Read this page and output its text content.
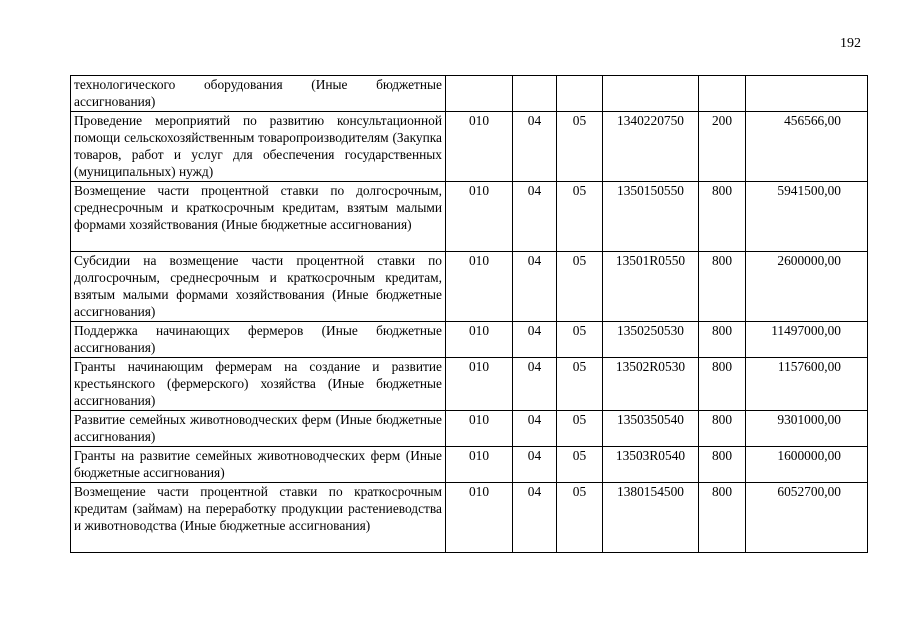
192
технологического оборудования (Иные бюджетные ассигнования)						
Проведение мероприятий по развитию консультационной помощи сельскохозяйственным товаропроизводителям (Закупка товаров, работ и услуг для обеспечения государственных (муниципальных) нужд)	010	04	05	1340220750	200	456566,00
Возмещение части процентной ставки по долгосрочным, среднесрочным и краткосрочным кредитам, взятым малыми формами хозяйствования (Иные бюджетные ассигнования)	010	04	05	1350150550	800	5941500,00
Субсидии на возмещение части процентной ставки по долгосрочным, среднесрочным и краткосрочным кредитам, взятым малыми формами хозяйствования (Иные бюджетные ассигнования)	010	04	05	13501R0550	800	2600000,00
Поддержка начинающих фермеров (Иные бюджетные ассигнования)	010	04	05	1350250530	800	11497000,00
Гранты начинающим фермерам на создание и развитие крестьянского (фермерского) хозяйства (Иные бюджетные ассигнования)	010	04	05	13502R0530	800	1157600,00
Развитие семейных животноводческих ферм (Иные бюджетные ассигнования)	010	04	05	1350350540	800	9301000,00
Гранты на развитие семейных животноводческих ферм (Иные бюджетные ассигнования)	010	04	05	13503R0540	800	1600000,00
Возмещение части процентной ставки по краткосрочным кредитам (займам) на переработку продукции растениеводства и животноводства (Иные бюджетные ассигнования)	010	04	05	1380154500	800	6052700,00
